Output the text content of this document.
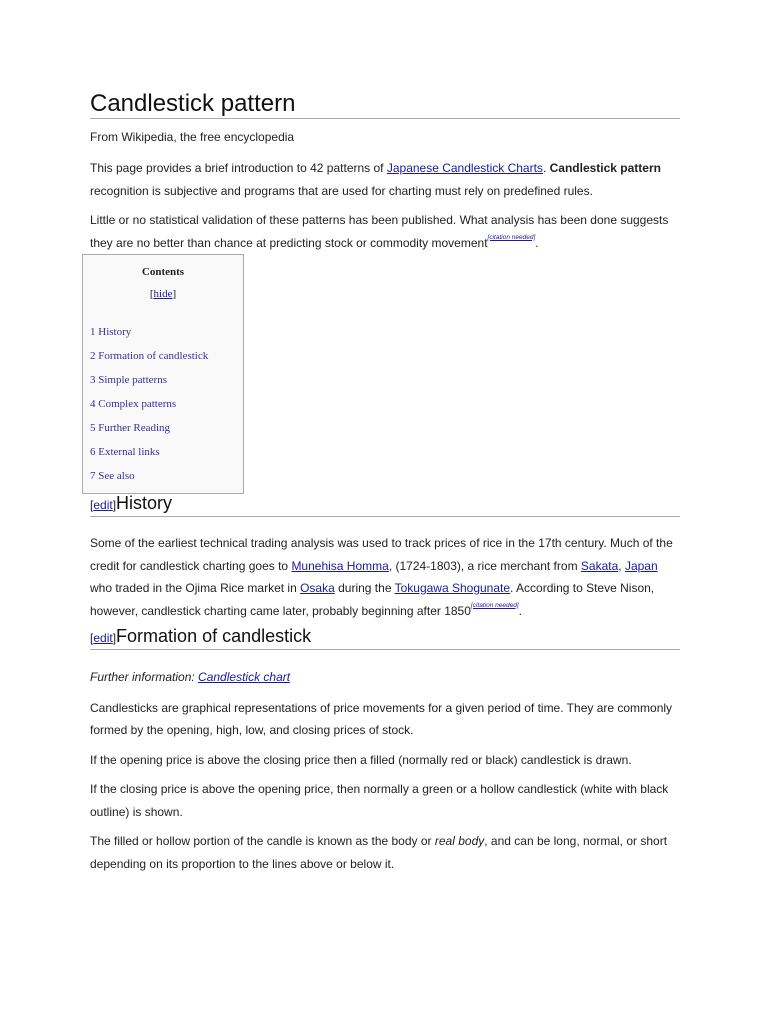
Candlestick pattern
From Wikipedia, the free encyclopedia

This page provides a brief introduction to 42 patterns of Japanese Candlestick Charts. Candlestick pattern recognition is subjective and programs that are used for charting must rely on predefined rules.

Little or no statistical validation of these patterns has been published. What analysis has been done suggests they are no better than chance at predicting stock or commodity movement[citation needed].

Contents
[hide]
1 History
2 Formation of candlestick
3 Simple patterns
4 Complex patterns
5 Further Reading
6 External links
7 See also
[edit]History

Some of the earliest technical trading analysis was used to track prices of rice in the 17th century. Much of the credit for candlestick charting goes to Munehisa Homma, (1724-1803), a rice merchant from Sakata, Japan who traded in the Ojima Rice market in Osaka during the Tokugawa Shogunate. According to Steve Nison, however, candlestick charting came later, probably beginning after 1850[citation needed].

[edit]Formation of candlestick

Further information: Candlestick chart

Candlesticks are graphical representations of price movements for a given period of time. They are commonly formed by the opening, high, low, and closing prices of stock.

If the opening price is above the closing price then a filled (normally red or black) candlestick is drawn.

If the closing price is above the opening price, then normally a green or a hollow candlestick (white with black outline) is shown.

The filled or hollow portion of the candle is known as the body or real body, and can be long, normal, or short depending on its proportion to the lines above or below it.
